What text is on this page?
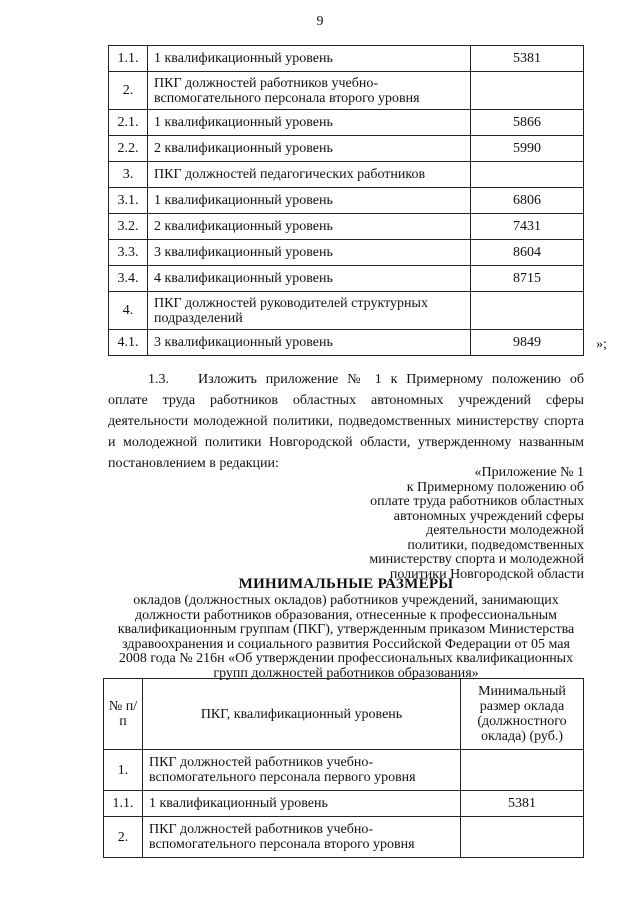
9
1.1.	1 квалификационный уровень	5381
2.	ПКГ должностей работников учебно-вспомогательного персонала второго уровня	
2.1.	1 квалификационный уровень	5866
2.2.	2 квалификационный уровень	5990
3.	ПКГ должностей педагогических работников	
3.1.	1 квалификационный уровень	6806
3.2.	2 квалификационный уровень	7431
3.3.	3 квалификационный уровень	8604
3.4.	4 квалификационный уровень	8715
4.	ПКГ должностей руководителей структурных подразделений	
4.1.	3 квалификационный уровень	9849	»;
1.3. Изложить приложение № 1 к Примерному положению об оплате труда работников областных автономных учреждений сферы деятельности молодежной политики, подведомственных министерству спорта и молодежной политики Новгородской области, утвержденному названным постановлением в редакции:
«Приложение № 1
к Примерному положению об
оплате труда работников областных
автономных учреждений сферы
деятельности молодежной
политики, подведомственных
министерству спорта и молодежной
политики Новгородской области
МИНИМАЛЬНЫЕ РАЗМЕРЫ
окладов (должностных окладов) работников учреждений, занимающих должности работников образования, отнесенные к профессиональным квалификационным группам (ПКГ), утвержденным приказом Министерства здравоохранения и социального развития Российской Федерации от 05 мая 2008 года № 216н «Об утверждении профессиональных квалификационных групп должностей работников образования»
№ п/п	ПКГ, квалификационный уровень	Минимальный размер оклада (должностного оклада) (руб.)
1.	ПКГ должностей работников учебно-вспомогательного персонала первого уровня	
1.1.	1 квалификационный уровень	5381
2.	ПКГ должностей работников учебно-вспомогательного персонала второго уровня	
